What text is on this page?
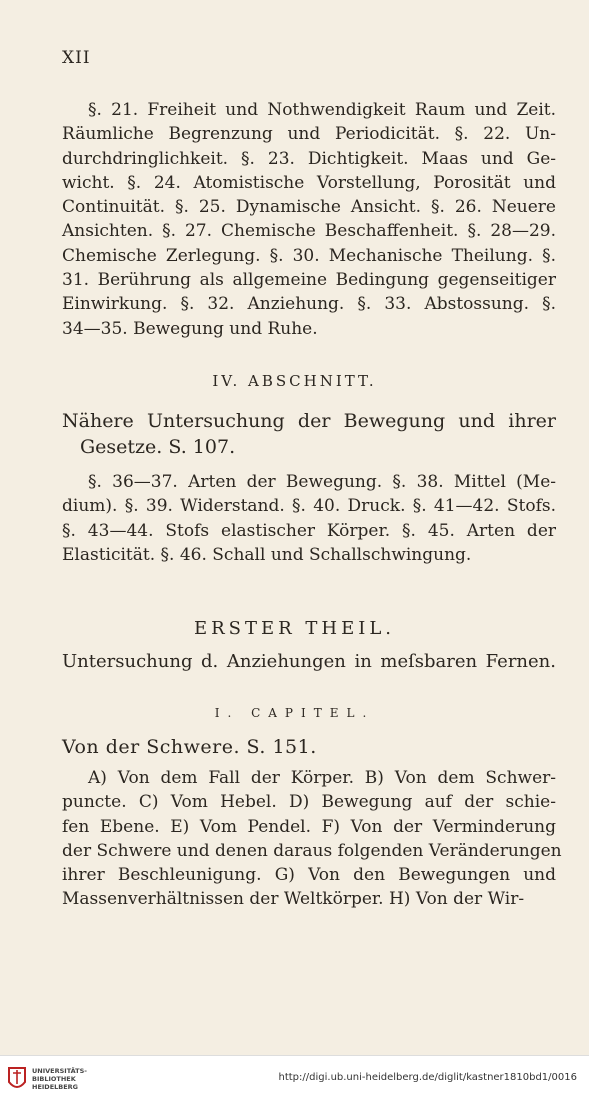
XII
§. 21. Freiheit und Nothwendigkeit Raum und Zeit.
Räumliche Begrenzung und Periodicität. §. 22. Un-
durchdringlichkeit. §. 23. Dichtigkeit. Maas und Ge-
wicht. §. 24. Atomistische Vorstellung, Porosität und
Continuität. §. 25. Dynamische Ansicht. §. 26. Neuere
Ansichten. §. 27. Chemische Beschaffenheit. §. 28—29.
Chemische Zerlegung. §. 30. Mechanische Theilung. §.
31. Berührung als allgemeine Bedingung gegenseitiger
Einwirkung. §. 32. Anziehung. §. 33. Abstossung. §.
34—35. Bewegung und Ruhe.
IV. ABSCHNITT.
Nähere Untersuchung der Bewegung und ihrer
Gesetze. S. 107.
§. 36—37. Arten der Bewegung. §. 38. Mittel (Me-
dium). §. 39. Widerstand. §. 40. Druck. §. 41—42. Stofs.
§. 43—44. Stofs elastischer Körper. §. 45. Arten der
Elasticität. §. 46. Schall und Schallschwingung.
ERSTER THEIL.
Untersuchung d. Anziehungen in meſsbaren Fernen.
I. CAPITEL.
Von der Schwere. S. 151.
A) Von dem Fall der Körper. B) Von dem Schwer-
puncte. C) Vom Hebel. D) Bewegung auf der schie-
fen Ebene. E) Vom Pendel. F) Von der Verminderung
der Schwere und denen daraus folgenden Veränderungen
ihrer Beschleunigung. G) Von den Bewegungen und
Massenverhältnissen der Weltkörper. H) Von der Wir-
UNIVERSITÄTS-
BIBLIOTHEK
HEIDELBERG
http://digi.ub.uni-heidelberg.de/diglit/kastner1810bd1/0016
